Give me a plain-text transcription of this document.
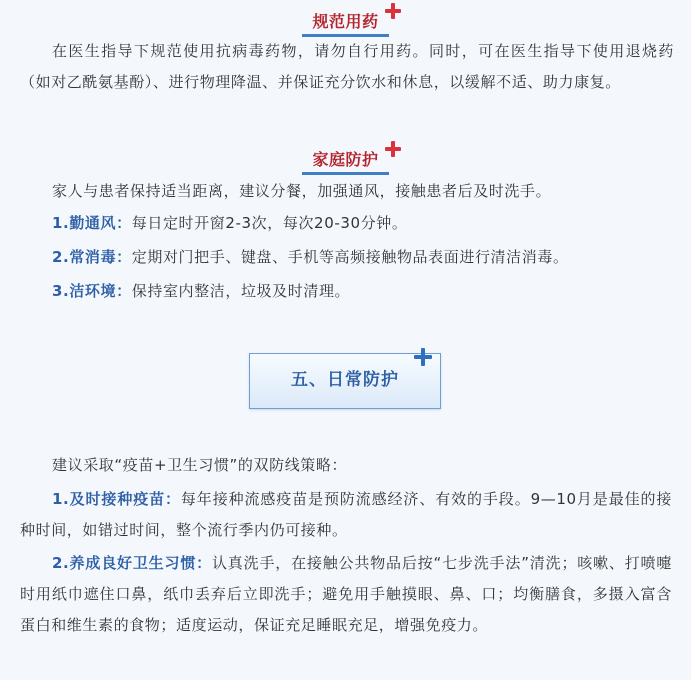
规范用药

在医生指导下规范使用抗病毒药物，请勿自行用药。同时，可在医生指导下使用退烧药（如对乙酰氨基酚）、进行物理降温、并保证充分饮水和休息，以缓解不适、助力康复。

家庭防护

家人与患者保持适当距离，建议分餐，加强通风，接触患者后及时洗手。

1.勤通风：每日定时开窗2-3次，每次20-30分钟。

2.常消毒：定期对门把手、键盘、手机等高频接触物品表面进行清洁消毒。

3.洁环境：保持室内整洁，垃圾及时清理。

五、日常防护

建议采取“疫苗+卫生习惯”的双防线策略：

1.及时接种疫苗：每年接种流感疫苗是预防流感经济、有效的手段。9—10月是最佳的接种时间，如错过时间，整个流行季内仍可接种。

2.养成良好卫生习惯：认真洗手，在接触公共物品后按“七步洗手法”清洗；咳嗽、打喷嚏时用纸巾遮住口鼻，纸巾丢弃后立即洗手；避免用手触摸眼、鼻、口；均衡膳食，多摄入富含蛋白和维生素的食物；适度运动，保证充足睡眠充足，增强免疫力。
